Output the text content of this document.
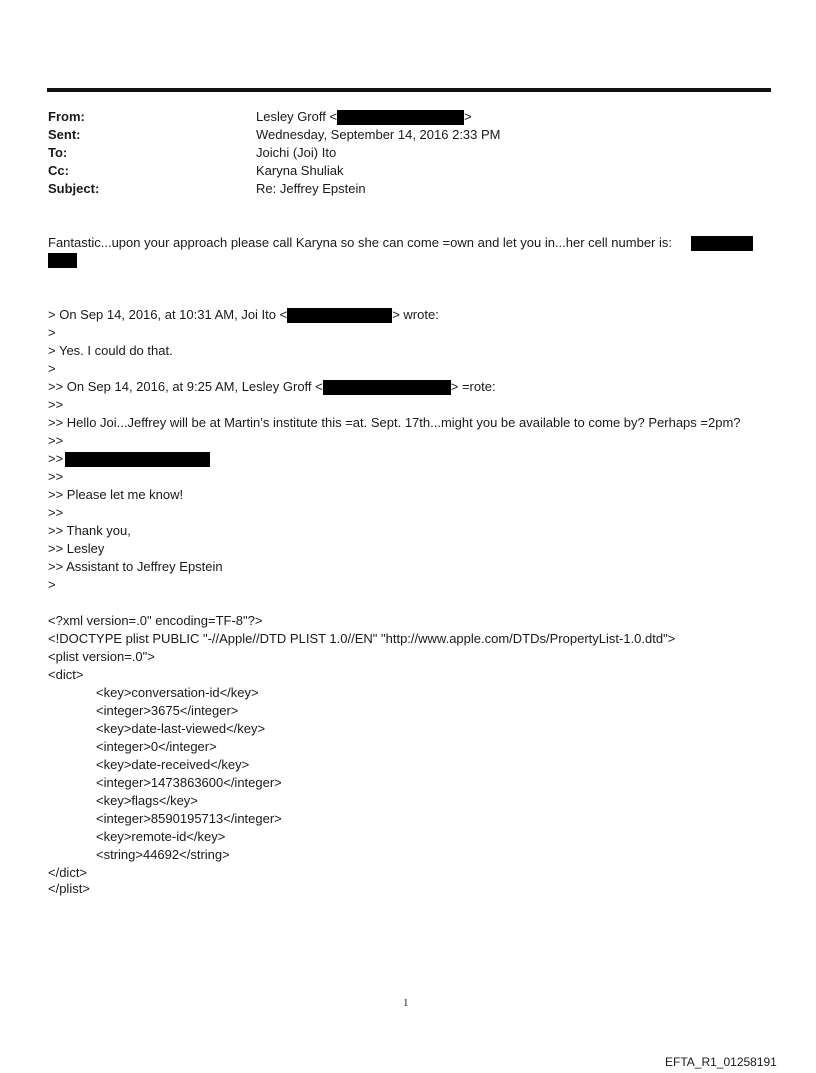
From:	Lesley Groff <	>
Sent:	Wednesday, September 14, 2016 2:33 PM
To:	Joichi (Joi) Ito
Cc:	Karyna Shuliak
Subject:	Re: Jeffrey Epstein
Fantastic...upon your approach please call Karyna so she can come =own and let you in...her cell number is:
> On Sep 14, 2016, at 10:31 AM, Joi Ito <	> wrote:
>
> Yes. I could do that.
>
>> On Sep 14, 2016, at 9:25 AM, Lesley Groff <	> =rote:
>>
>> Hello Joi...Jeffrey will be at Martin’s institute this =at. Sept. 17th...might you be available to come by? Perhaps =2pm?
>>
>>
>>
>> Please let me know!
>>
>> Thank you,
>> Lesley
>> Assistant to Jeffrey Epstein
>
<?xml version=.0" encoding=TF-8"?>
<!DOCTYPE plist PUBLIC "-//Apple//DTD PLIST 1.0//EN" "http://www.apple.com/DTDs/PropertyList-1.0.dtd">
<plist version=.0">
<dict>
<key>conversation-id</key>
<integer>3675</integer>
<key>date-last-viewed</key>
<integer>0</integer>
<key>date-received</key>
<integer>1473863600</integer>
<key>flags</key>
<integer>8590195713</integer>
<key>remote-id</key>
<string>44692</string>
</dict>
</plist>
1
EFTA_R1_01258191
